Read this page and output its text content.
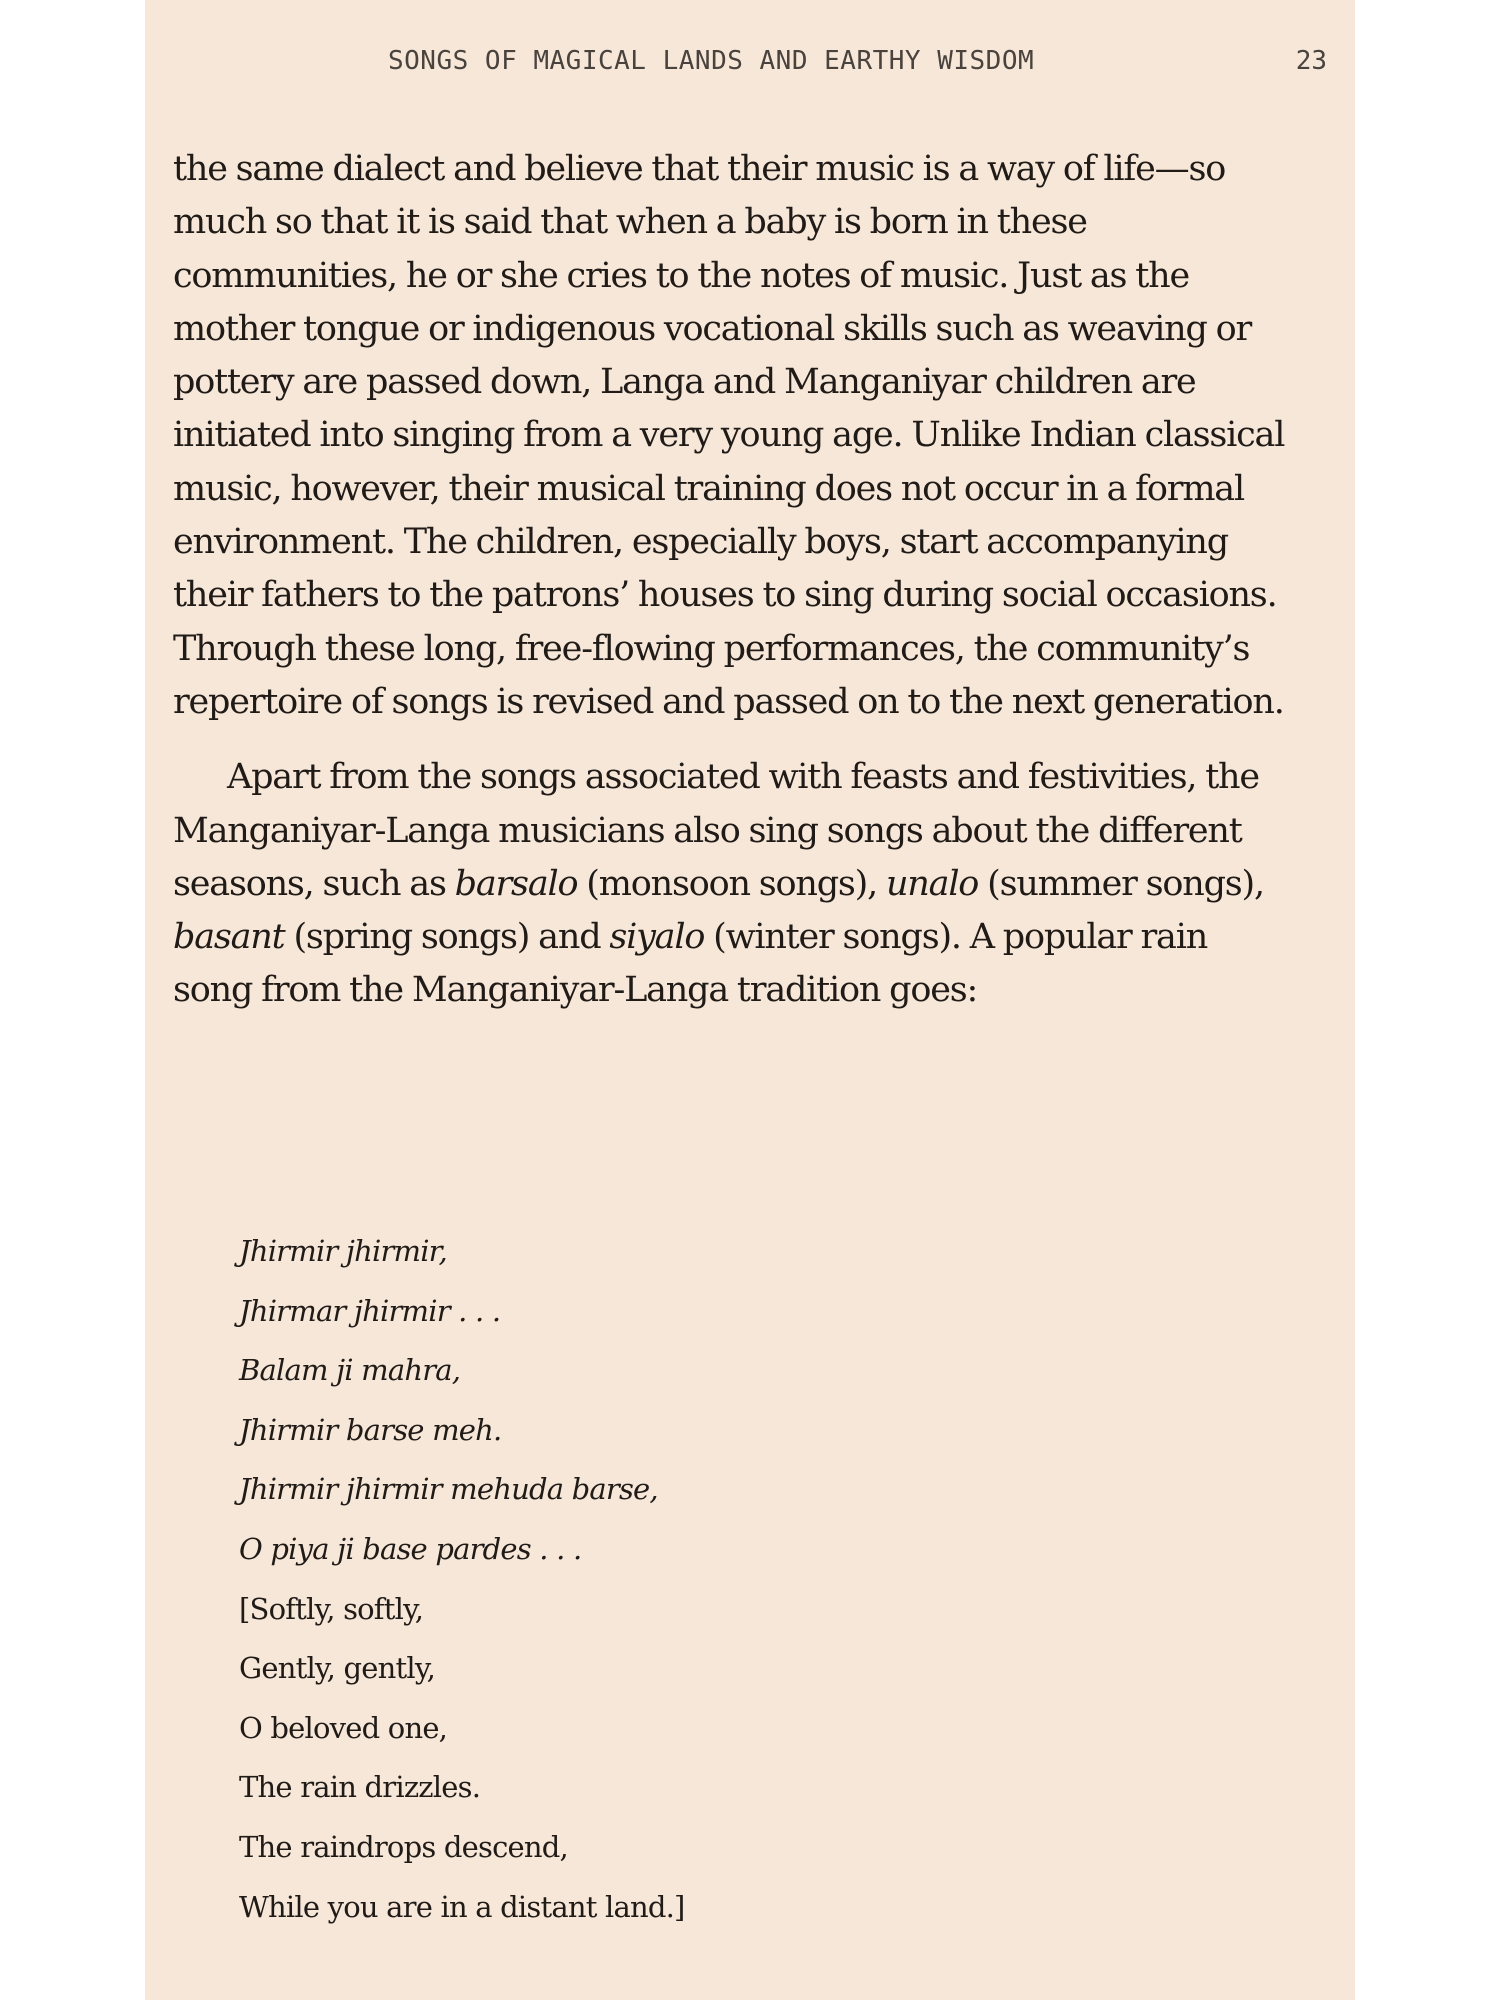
SONGS OF MAGICAL LANDS AND EARTHY WISDOM	23

the same dialect and believe that their music is a way of life—so much so that it is said that when a baby is born in these communities, he or she cries to the notes of music. Just as the mother tongue or indigenous vocational skills such as weaving or pottery are passed down, Langa and Manganiyar children are initiated into singing from a very young age. Unlike Indian classical music, however, their musical training does not occur in a formal environment. The children, especially boys, start accompanying their fathers to the patrons’ houses to sing during social occasions. Through these long, free-flowing performances, the community’s repertoire of songs is revised and passed on to the next generation.

Apart from the songs associated with feasts and festivities, the Manganiyar-Langa musicians also sing songs about the different seasons, such as barsalo (monsoon songs), unalo (summer songs), basant (spring songs) and siyalo (winter songs). A popular rain song from the Manganiyar-Langa tradition goes:

Jhirmir jhirmir,
Jhirmar jhirmir . . .
Balam ji mahra,
Jhirmir barse meh.
Jhirmir jhirmir mehuda barse,
O piya ji base pardes . . .
[Softly, softly,
Gently, gently,
O beloved one,
The rain drizzles.
The raindrops descend,
While you are in a distant land.]
